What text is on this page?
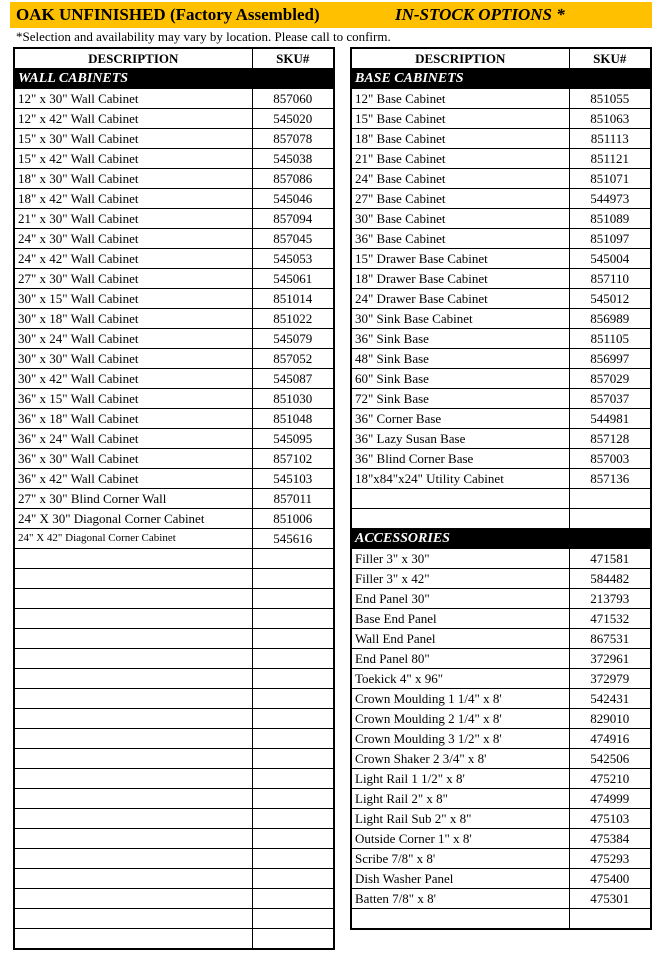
OAK UNFINISHED (Factory Assembled)	IN-STOCK OPTIONS *
*Selection and availability may vary by location. Please call to confirm.
DESCRIPTION	SKU#
WALL CABINETS	
12" x 30" Wall Cabinet	857060
12" x 42" Wall Cabinet	545020
15" x 30" Wall Cabinet	857078
15" x 42" Wall Cabinet	545038
18" x 30" Wall Cabinet	857086
18" x 42" Wall Cabinet	545046
21" x 30" Wall Cabinet	857094
24" x 30" Wall Cabinet	857045
24" x 42" Wall Cabinet	545053
27" x 30" Wall Cabinet	545061
30" x 15" Wall Cabinet	851014
30" x 18" Wall Cabinet	851022
30" x 24" Wall Cabinet	545079
30" x 30" Wall Cabinet	857052
30" x 42" Wall Cabinet	545087
36" x 15" Wall Cabinet	851030
36" x 18" Wall Cabinet	851048
36" x 24" Wall Cabinet	545095
36" x 30" Wall Cabinet	857102
36" x 42" Wall Cabinet	545103
27" x 30" Blind Corner Wall	857011
24" X 30" Diagonal Corner Cabinet	851006
24" X 42" Diagonal Corner Cabinet	545616

DESCRIPTION	SKU#
BASE CABINETS	
12" Base Cabinet	851055
15" Base Cabinet	851063
18" Base Cabinet	851113
21" Base Cabinet	851121
24" Base Cabinet	851071
27" Base Cabinet	544973
30" Base Cabinet	851089
36" Base Cabinet	851097
15" Drawer Base Cabinet	545004
18" Drawer Base Cabinet	857110
24" Drawer Base Cabinet	545012
30" Sink Base Cabinet	856989
36" Sink Base	851105
48" Sink Base	856997
60" Sink Base	857029
72" Sink Base	857037
36" Corner Base	544981
36" Lazy Susan Base	857128
36" Blind Corner Base	857003
18"x84"x24" Utility Cabinet	857136

ACCESSORIES	
Filler 3" x 30"	471581
Filler 3" x 42"	584482
End Panel 30"	213793
Base End Panel	471532
Wall End Panel	867531
End Panel 80"	372961
Toekick 4" x 96"	372979
Crown Moulding 1 1/4" x 8'	542431
Crown Moulding 2 1/4" x 8'	829010
Crown Moulding 3 1/2" x 8'	474916
Crown Shaker 2 3/4" x 8'	542506
Light Rail 1 1/2" x 8'	475210
Light Rail 2" x 8"	474999
Light Rail Sub 2" x 8"	475103
Outside Corner 1" x 8'	475384
Scribe 7/8" x 8'	475293
Dish Washer Panel	475400
Batten 7/8" x 8'	475301
